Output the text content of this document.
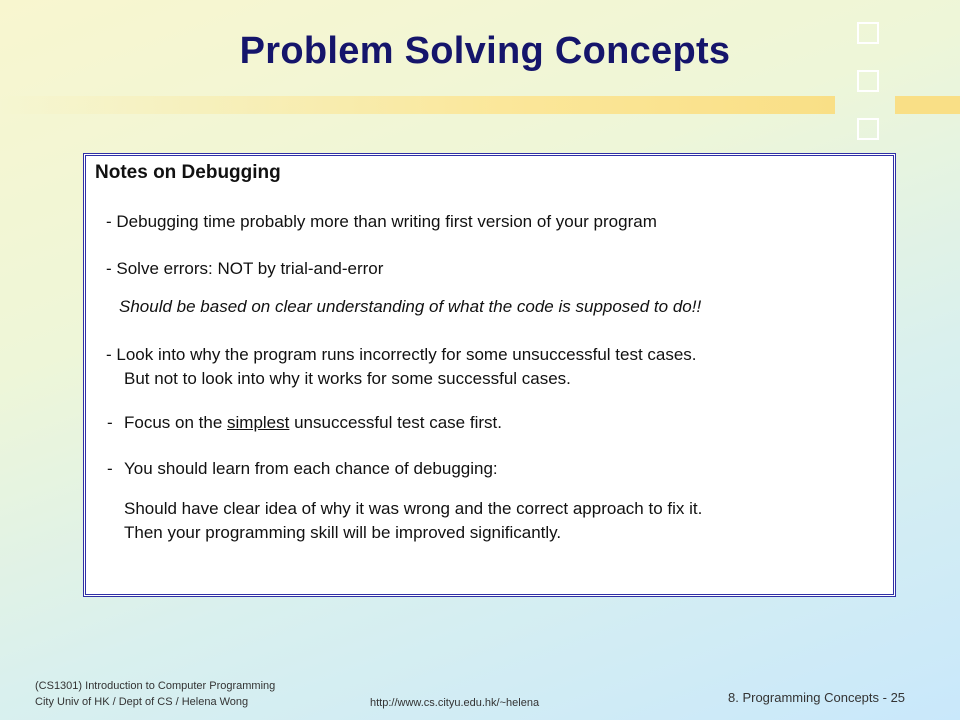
Problem Solving Concepts
Notes on Debugging
- Debugging time probably more than writing first version of your program
- Solve errors: NOT by trial-and-error
Should be based on clear understanding of what the code is supposed to do!!
- Look into why the program runs incorrectly for some unsuccessful test cases.
But not to look into why it works for some successful cases.
- Focus on the simplest unsuccessful test case first.
- You should learn from each chance of debugging:
Should have clear idea of why it was wrong and the correct approach to fix it.
Then your programming skill will be improved significantly.
(CS1301) Introduction to Computer Programming
City Univ of HK / Dept of CS / Helena Wong	http://www.cs.cityu.edu.hk/~helena	8. Programming Concepts - 25
